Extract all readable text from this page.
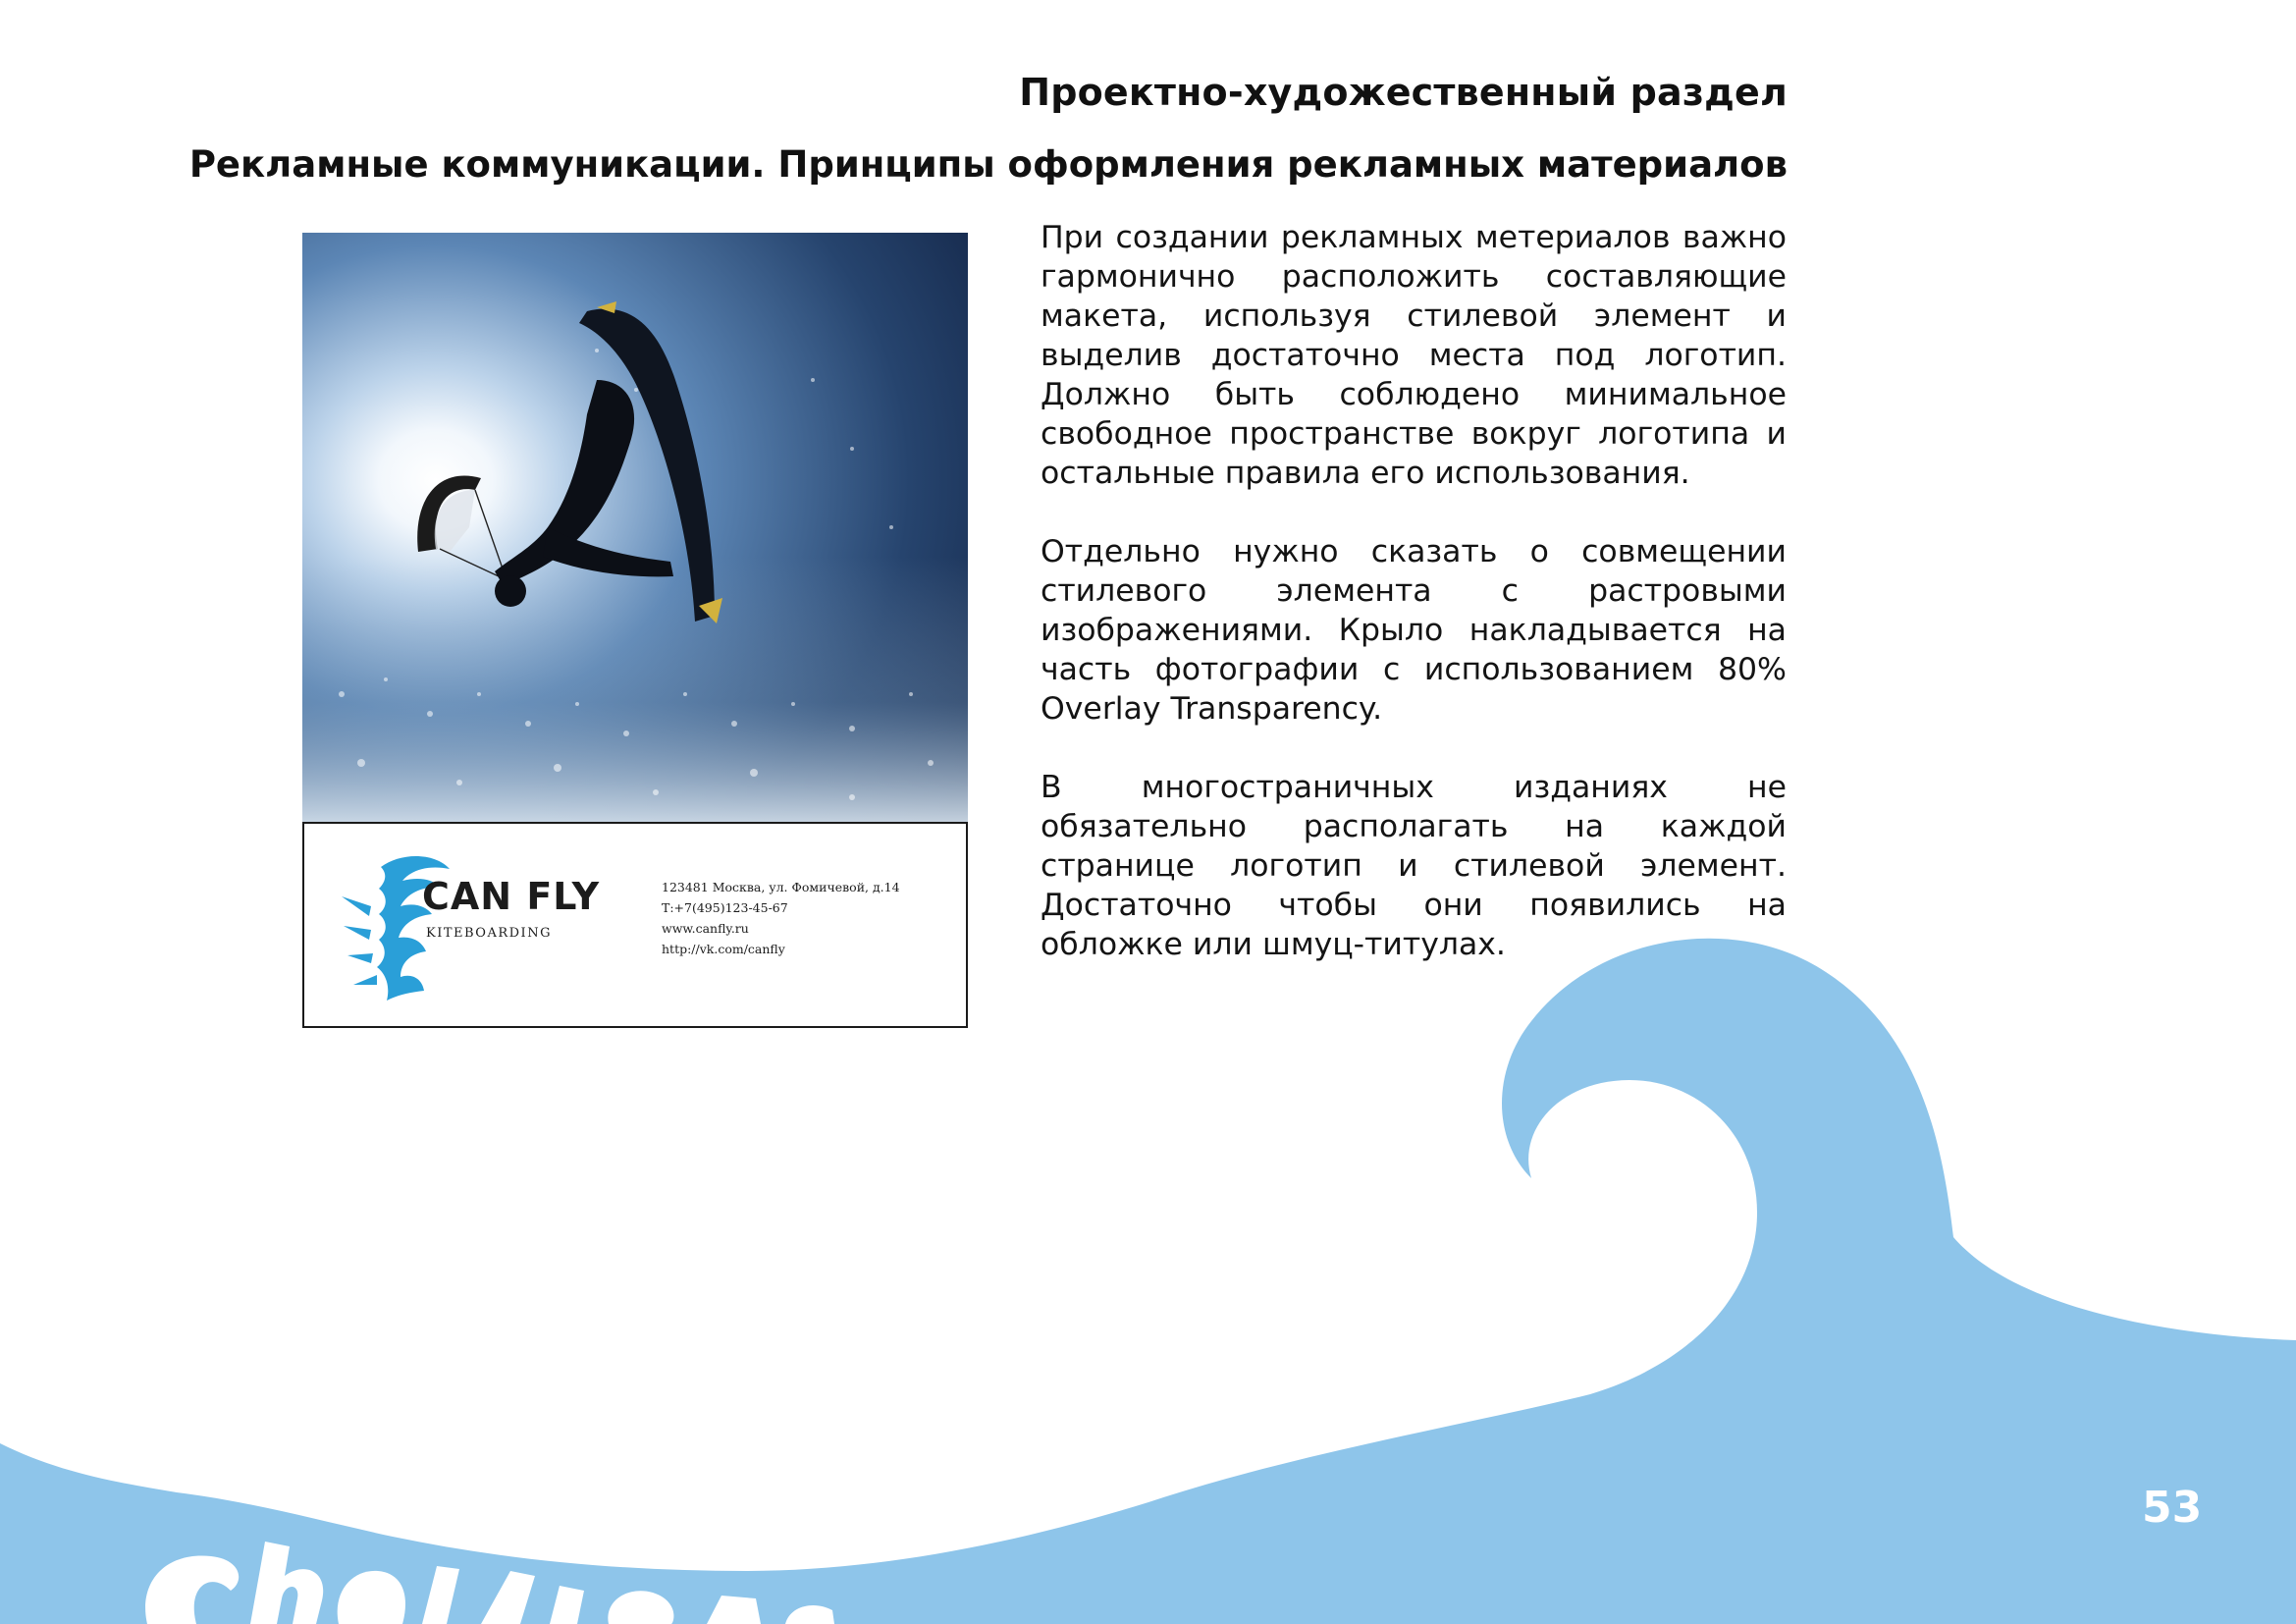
Проектно-художественный раздел
Рекламные коммуникации. Принципы оформления рекламных материалов
CAN FLY
KITEBOARDING
123481 Москва, ул. Фомичевой, д.14
Т:+7(495)123-45-67
www.canfly.ru
http://vk.com/canfly

При создании рекламных метериалов важно гармонично расположить составляющие макета, используя стилевой элемент и выделив достаточно места под логотип. Должно быть соблюдено минимальное свободное пространстве вокруг логотипа и остальные правила его использования.

Отдельно нужно сказать о совмещении стилевого элемента с растровыми изображениями. Крыло накладывается на часть фотографии с использованием 80% Overlay Transparency.

В многостраничных изданиях не обязательно располагать на каждой странице логотип и стилевой элемент. Достаточно чтобы они появились на обложке или шмуц-титулах.

53
